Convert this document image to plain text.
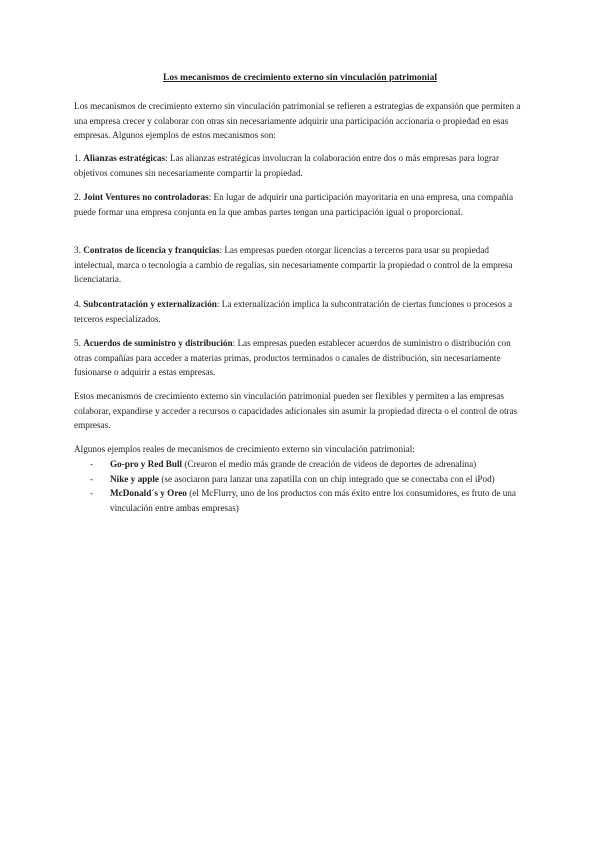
Los mecanismos de crecimiento externo sin vinculación patrimonial

Los mecanismos de crecimiento externo sin vinculación patrimonial se refieren a estrategias de expansión que permiten a una empresa crecer y colaborar con otras sin necesariamente adquirir una participación accionaria o propiedad en esas empresas. Algunos ejemplos de estos mecanismos son:

1. Alianzas estratégicas: Las alianzas estratégicas involucran la colaboración entre dos o más empresas para lograr objetivos comunes sin necesariamente compartir la propiedad.

2. Joint Ventures no controladoras: En lugar de adquirir una participación mayoritaria en una empresa, una compañía puede formar una empresa conjunta en la que ambas partes tengan una participación igual o proporcional.

3. Contratos de licencia y franquicias: Las empresas pueden otorgar licencias a terceros para usar su propiedad intelectual, marca o tecnología a cambio de regalías, sin necesariamente compartir la propiedad o control de la empresa licenciataria.

4. Subcontratación y externalización: La externalización implica la subcontratación de ciertas funciones o procesos a terceros especializados.

5. Acuerdos de suministro y distribución: Las empresas pueden establecer acuerdos de suministro o distribución con otras compañías para acceder a materias primas, productos terminados o canales de distribución, sin necesariamente fusionarse o adquirir a estas empresas.

Estos mecanismos de crecimiento externo sin vinculación patrimonial pueden ser flexibles y permiten a las empresas colaborar, expandirse y acceder a recursos o capacidades adicionales sin asumir la propiedad directa o el control de otras empresas.

Algunos ejemplos reales de mecanismos de crecimiento externo sin vinculación patrimonial:

- Go-pro y Red Bull (Crearon el medio más grande de creación de videos de deportes de adrenalina)
- Nike y apple (se asociaron para lanzar una zapatilla con un chip integrado que se conectaba con el iPod)
- McDonald´s y Oreo (el McFlurry, uno de los productos con más éxito entre los consumidores, es fruto de una vinculación entre ambas empresas)
